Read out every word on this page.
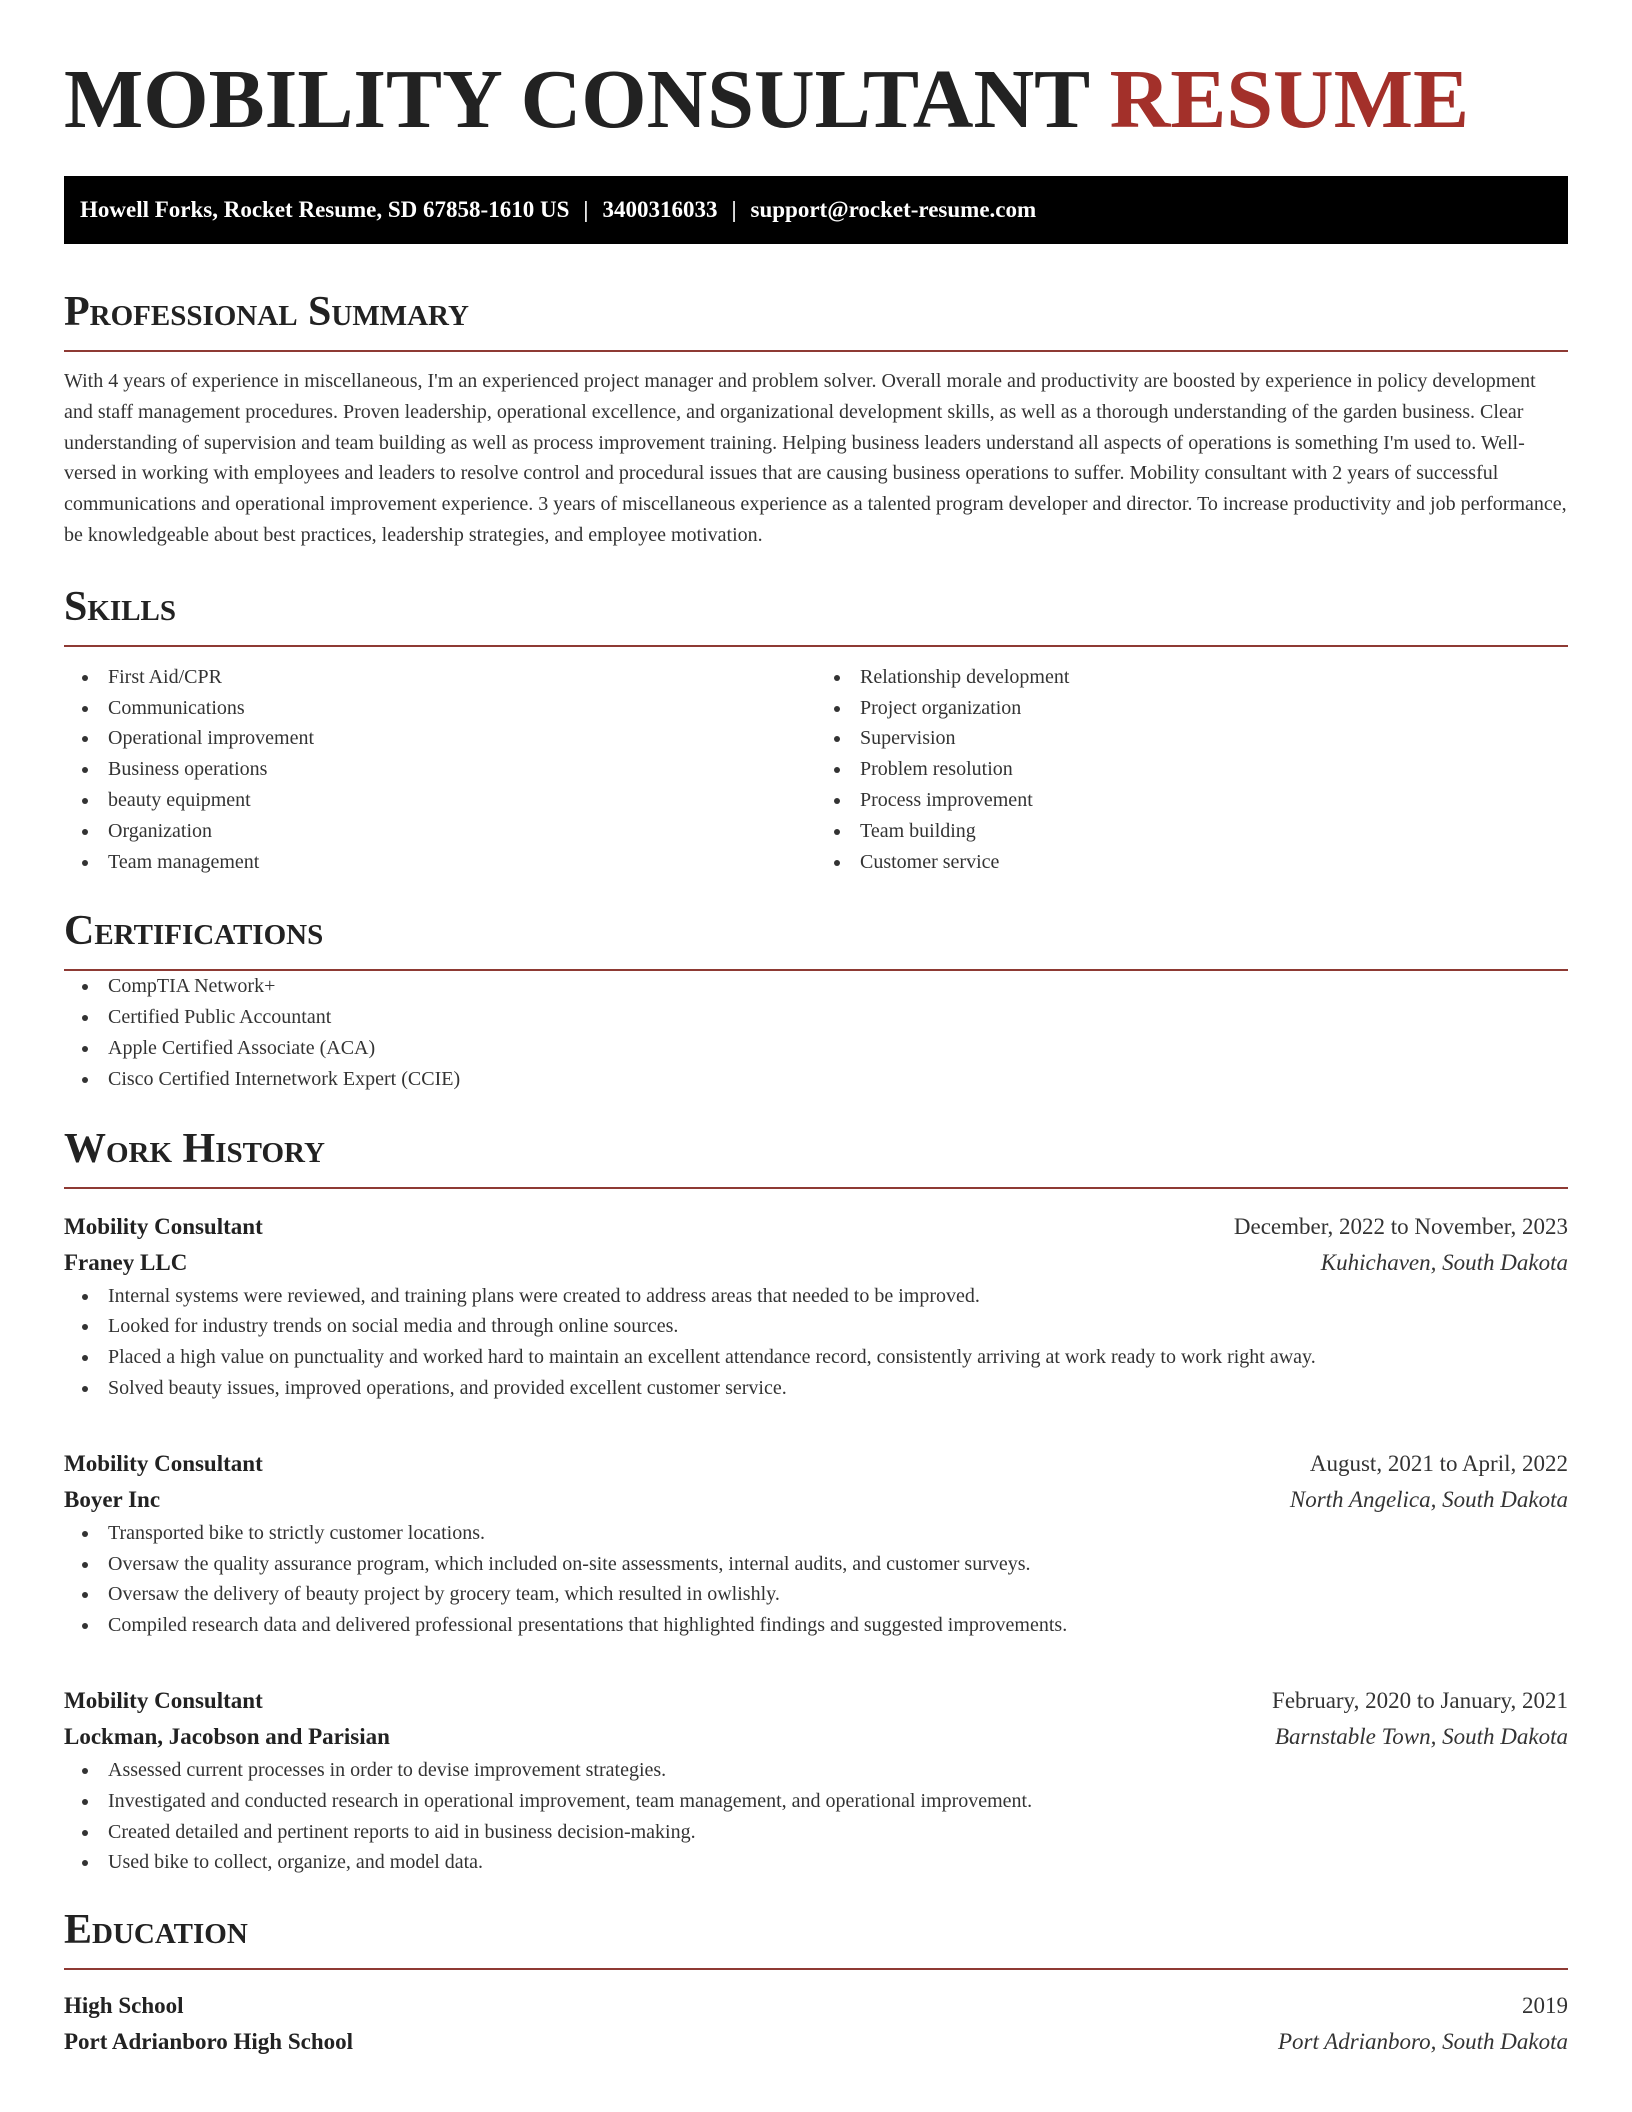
MOBILITY CONSULTANT RESUME
Howell Forks, Rocket Resume, SD 67858-1610 US | 3400316033 | support@rocket-resume.com
Professional Summary

With 4 years of experience in miscellaneous, I'm an experienced project manager and problem solver. Overall morale and productivity are boosted by experience in policy development and staff management procedures. Proven leadership, operational excellence, and organizational development skills, as well as a thorough understanding of the garden business. Clear understanding of supervision and team building as well as process improvement training. Helping business leaders understand all aspects of operations is something I'm used to. Well-versed in working with employees and leaders to resolve control and procedural issues that are causing business operations to suffer. Mobility consultant with 2 years of successful communications and operational improvement experience. 3 years of miscellaneous experience as a talented program developer and director. To increase productivity and job performance, be knowledgeable about best practices, leadership strategies, and employee motivation.

Skills
First Aid/CPR
Communications
Operational improvement
Business operations
beauty equipment
Organization
Team management
Relationship development
Project organization
Supervision
Problem resolution
Process improvement
Team building
Customer service
Certifications
CompTIA Network+
Certified Public Accountant
Apple Certified Associate (ACA)
Cisco Certified Internetwork Expert (CCIE)
Work History
Mobility Consultant	December, 2022 to November, 2023
Franey LLC	Kuhichaven, South Dakota
Internal systems were reviewed, and training plans were created to address areas that needed to be improved.
Looked for industry trends on social media and through online sources.
Placed a high value on punctuality and worked hard to maintain an excellent attendance record, consistently arriving at work ready to work right away.
Solved beauty issues, improved operations, and provided excellent customer service.
Mobility Consultant	August, 2021 to April, 2022
Boyer Inc	North Angelica, South Dakota
Transported bike to strictly customer locations.
Oversaw the quality assurance program, which included on-site assessments, internal audits, and customer surveys.
Oversaw the delivery of beauty project by grocery team, which resulted in owlishly.
Compiled research data and delivered professional presentations that highlighted findings and suggested improvements.
Mobility Consultant	February, 2020 to January, 2021
Lockman, Jacobson and Parisian	Barnstable Town, South Dakota
Assessed current processes in order to devise improvement strategies.
Investigated and conducted research in operational improvement, team management, and operational improvement.
Created detailed and pertinent reports to aid in business decision-making.
Used bike to collect, organize, and model data.
Education
High School	2019
Port Adrianboro High School	Port Adrianboro, South Dakota
